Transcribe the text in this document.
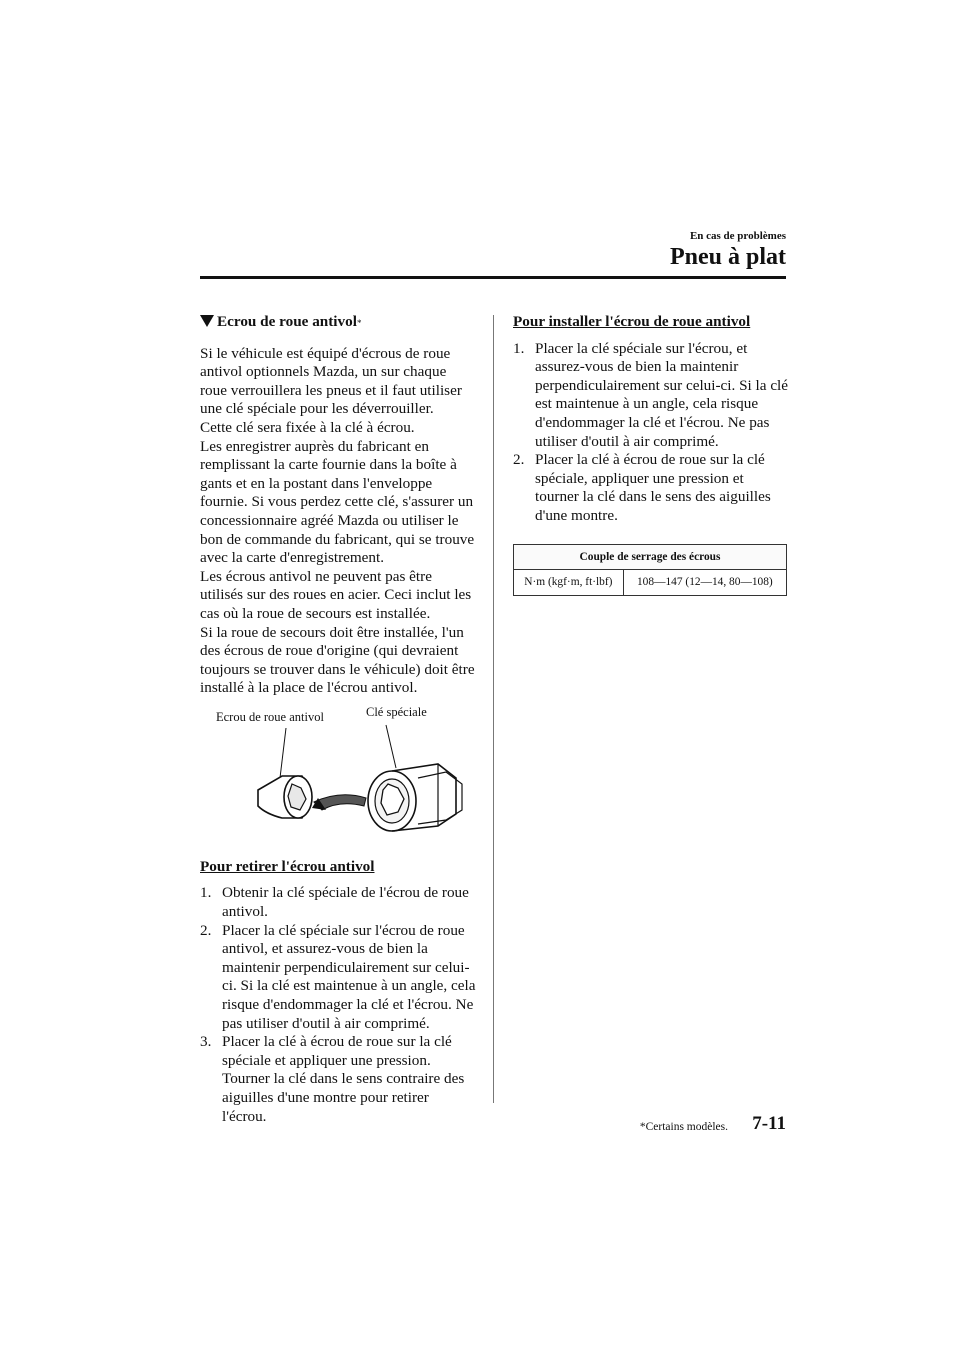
En cas de problèmes
Pneu à plat
Ecrou de roue antivol *

Si le véhicule est équipé d'écrous de roue antivol optionnels Mazda, un sur chaque roue verrouillera les pneus et il faut utiliser une clé spéciale pour les déverrouiller.

Cette clé sera fixée à la clé à écrou.

Les enregistrer auprès du fabricant en remplissant la carte fournie dans la boîte à gants et en la postant dans l'enveloppe fournie. Si vous perdez cette clé, s'assurer un concessionnaire agréé Mazda ou utiliser le bon de commande du fabricant, qui se trouve avec la carte d'enregistrement.

Les écrous antivol ne peuvent pas être utilisés sur des roues en acier. Ceci inclut les cas où la roue de secours est installée.

Si la roue de secours doit être installée, l'un des écrous de roue d'origine (qui devraient toujours se trouver dans le véhicule) doit être installé à la place de l'écrou antivol.

Ecrou de roue antivol	Clé spéciale
Pour retirer l'écrou antivol
1. Obtenir la clé spéciale de l'écrou de roue antivol.
2. Placer la clé spéciale sur l'écrou de roue antivol, et assurez-vous de bien la maintenir perpendiculairement sur celui-ci. Si la clé est maintenue à un angle, cela risque d'endommager la clé et l'écrou. Ne pas utiliser d'outil à air comprimé.
3. Placer la clé à écrou de roue sur la clé spéciale et appliquer une pression. Tourner la clé dans le sens contraire des aiguilles d'une montre pour retirer l'écrou.
Pour installer l'écrou de roue antivol
1. Placer la clé spéciale sur l'écrou, et assurez-vous de bien la maintenir perpendiculairement sur celui-ci. Si la clé est maintenue à un angle, cela risque d'endommager la clé et l'écrou. Ne pas utiliser d'outil à air comprimé.
2. Placer la clé à écrou de roue sur la clé spéciale, appliquer une pression et tourner la clé dans le sens des aiguilles d'une montre.
Couple de serrage des écrous
N·m (kgf·m, ft·lbf)	108—147 (12—14, 80—108)
*Certains modèles. 7-11
